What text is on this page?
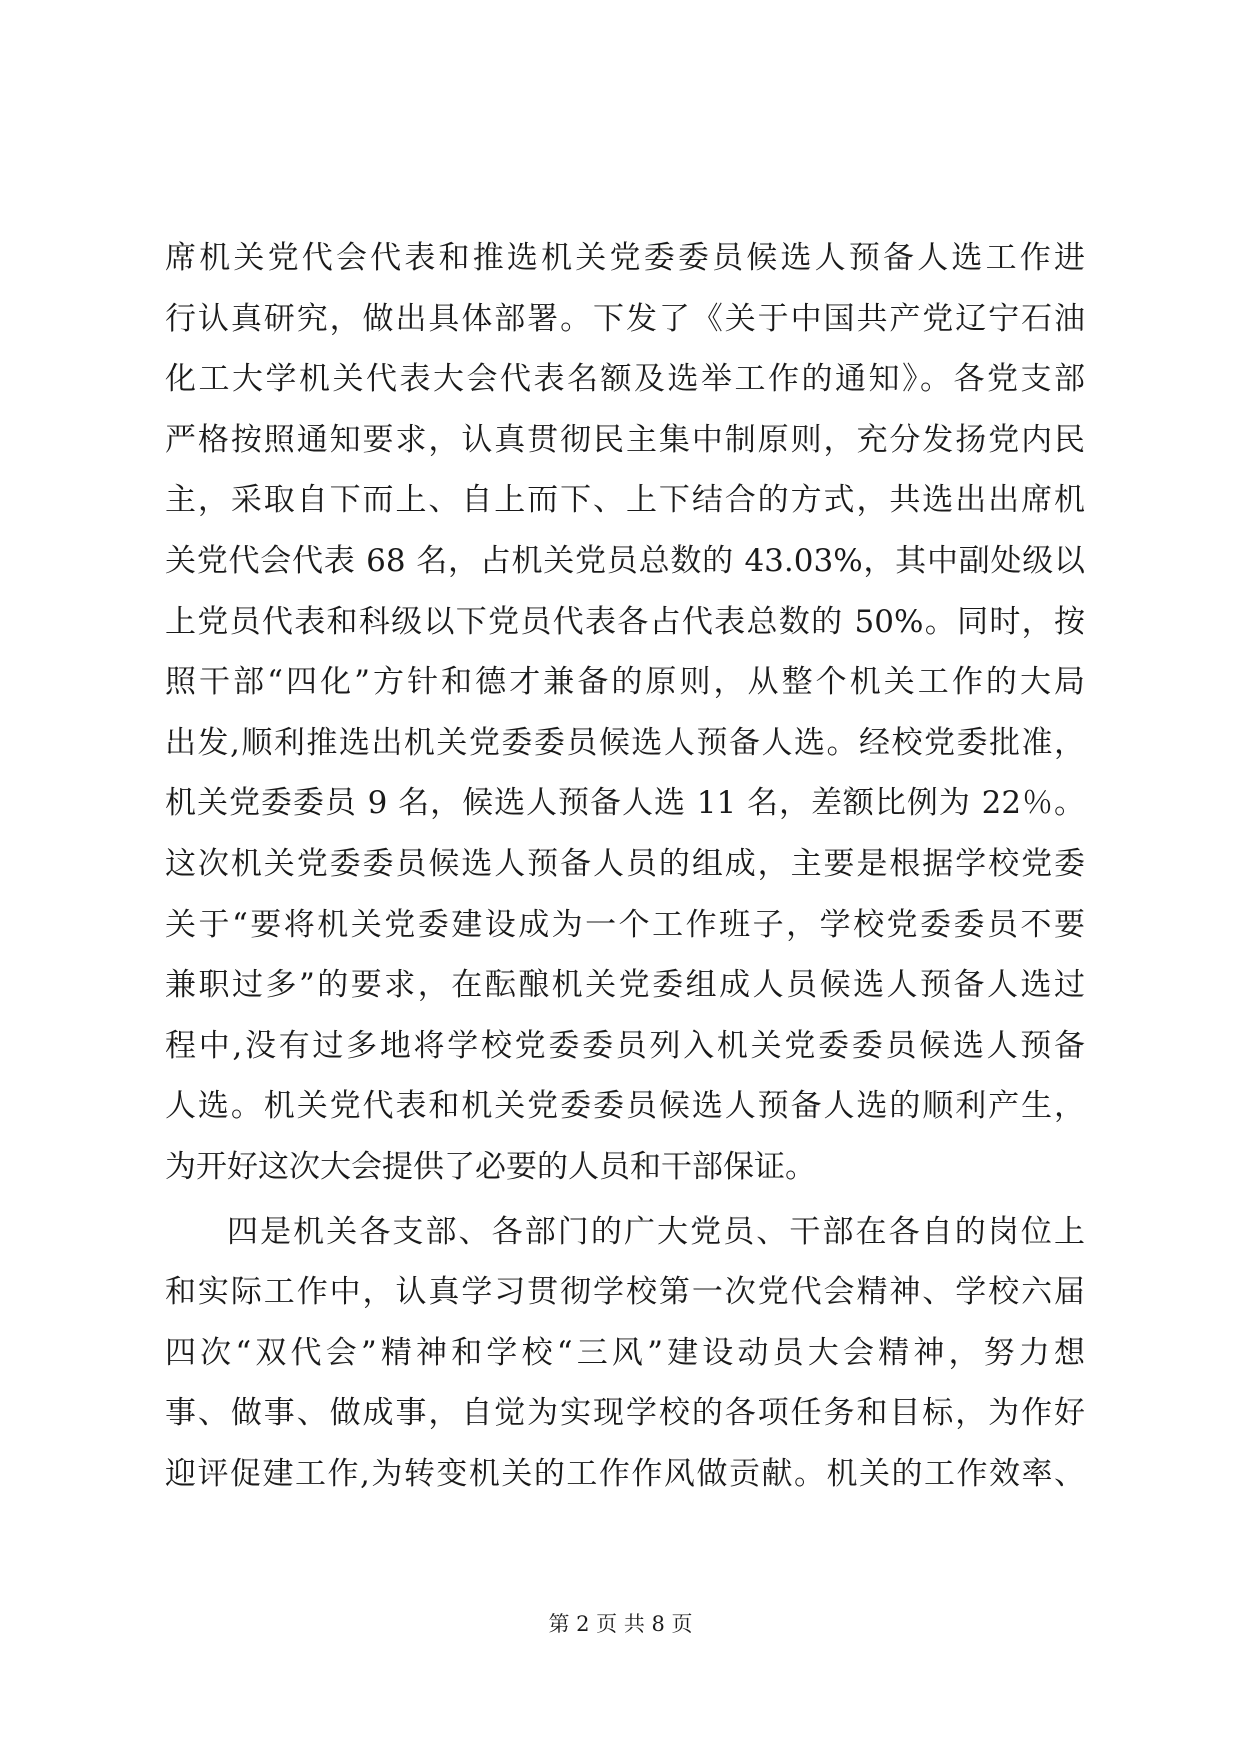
席机关党代会代表和推选机关党委委员候选人预备人选工作进
行认真研究，做出具体部署。下发了《关于中国共产党辽宁石油
化工大学机关代表大会代表名额及选举工作的通知》。各党支部
严格按照通知要求，认真贯彻民主集中制原则，充分发扬党内民
主，采取自下而上、自上而下、上下结合的方式，共选出出席机
关党代会代表 68 名，占机关党员总数的 43.03%，其中副处级以
上党员代表和科级以下党员代表各占代表总数的 50%。同时，按
照干部“四化”方针和德才兼备的原则，从整个机关工作的大局
出发,顺利推选出机关党委委员候选人预备人选。经校党委批准，
机关党委委员 9 名，候选人预备人选 11 名，差额比例为 22％。
这次机关党委委员候选人预备人员的组成，主要是根据学校党委
关于“要将机关党委建设成为一个工作班子，学校党委委员不要
兼职过多”的要求，在酝酿机关党委组成人员候选人预备人选过
程中,没有过多地将学校党委委员列入机关党委委员候选人预备
人选。机关党代表和机关党委委员候选人预备人选的顺利产生，
为开好这次大会提供了必要的人员和干部保证。
四是机关各支部、各部门的广大党员、干部在各自的岗位上
和实际工作中，认真学习贯彻学校第一次党代会精神、学校六届
四次“双代会”精神和学校“三风”建设动员大会精神，努力想
事、做事、做成事，自觉为实现学校的各项任务和目标，为作好
迎评促建工作,为转变机关的工作作风做贡献。机关的工作效率、
第 2 页 共 8 页
